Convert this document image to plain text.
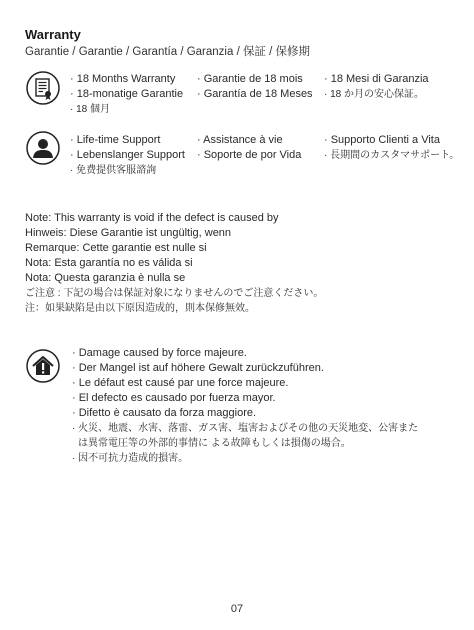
Warranty
Garantie / Garantie / Garantía / Garanzia / 保証 / 保修期
· 18 Months Warranty
· 18-monatige Garantie
· 18 個月
· Garantie de 18 mois
· Garantía de 18 Meses
· 18 Mesi di Garanzia
· 18 か月の安心保証。
· Life-time Support
· Lebenslanger Support
· 免费提供客服諮詢
· Assistance à vie
· Soporte de por Vida
· Supporto Clienti a Vita
· 長期間のカスタマサポート。
Note: This warranty is void if the defect is caused by
Hinweis: Diese Garantie ist ungültig, wenn
Remarque: Cette garantie est nulle si
Nota: Esta garantía no es válida si
Nota: Questa garanzia è nulla se
ご注意 : 下記の場合は保証対象になりませんのでご注意ください。
注：如果缺陷是由以下原因造成的，則本保修無效。
· Damage caused by force majeure.
· Der Mangel ist auf höhere Gewalt zurückzuführen.
· Le défaut est causé par une force majeure.
· El defecto es causado por fuerza mayor.
· Difetto è causato da forza maggiore.
· 火災、地震、水害、落雷、ガス害、塩害およびその他の天災地変、公害また
は異常電圧等の外部的事情に よる故障もしくは損傷の場合。
· 因不可抗力造成的損害。
07
